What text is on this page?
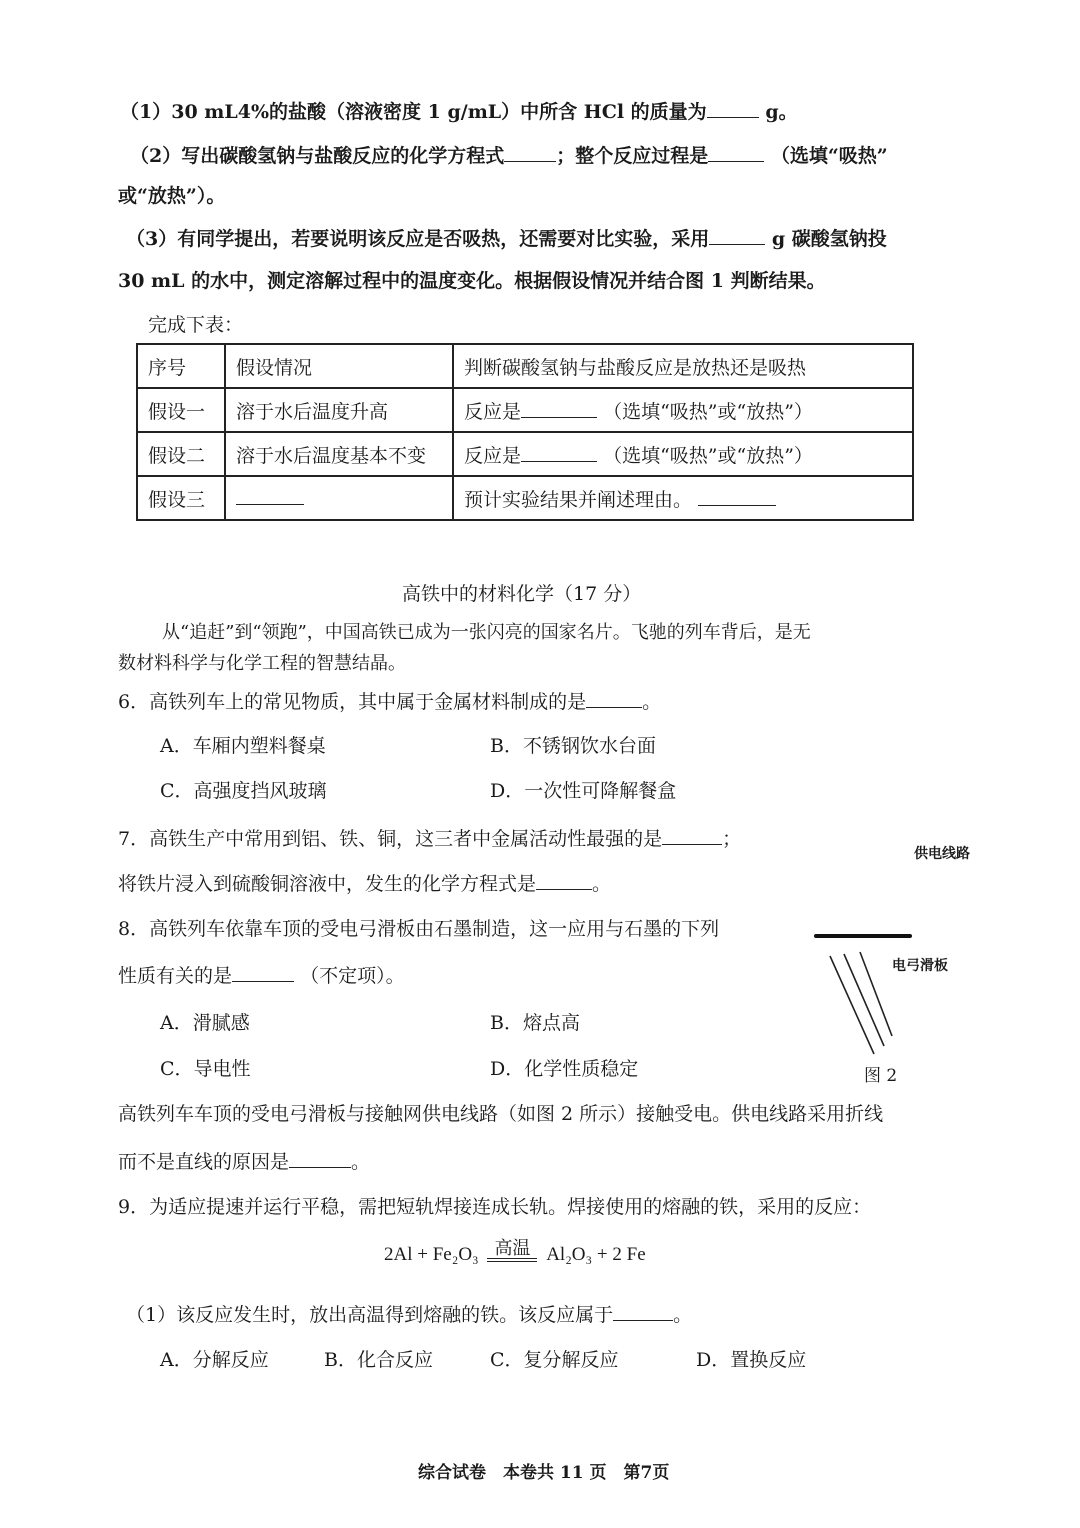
（1）30 mL4%的盐酸（溶液密度 1 g/mL）中所含 HCl 的质量为	g。
（2）写出碳酸氢钠与盐酸反应的化学方程式	；整个反应过程是	（选填“吸热”
或“放热”）。
（3）有同学提出，若要说明该反应是否吸热，还需要对比实验，采用	g 碳酸氢钠投
30 mL 的水中，测定溶解过程中的温度变化。根据假设情况并结合图 1 判断结果。
完成下表：
序号	假设情况	判断碳酸氢钠与盐酸反应是放热还是吸热
假设一	溶于水后温度升高	反应是 （选填“吸热”或“放热”）
假设二	溶于水后温度基本不变	反应是 （选填“吸热”或“放热”）
假设三		预计实验结果并阐述理由。
高铁中的材料化学（17 分）
从“追赶”到“领跑”，中国高铁已成为一张闪亮的国家名片。飞驰的列车背后，是无
数材料科学与化学工程的智慧结晶。
6．高铁列车上的常见物质，其中属于金属材料制成的是	。
A．车厢内塑料餐桌	B．不锈钢饮水台面
C．高强度挡风玻璃	D．一次性可降解餐盒
7．高铁生产中常用到铝、铁、铜，这三者中金属活动性最强的是	；
将铁片浸入到硫酸铜溶液中，发生的化学方程式是	。
8．高铁列车依靠车顶的受电弓滑板由石墨制造，这一应用与石墨的下列
性质有关的是	（不定项）。
A．滑腻感	B．熔点高
C．导电性	D．化学性质稳定
供电线路
电弓滑板
图 2
高铁列车车顶的受电弓滑板与接触网供电线路（如图 2 所示）接触受电。供电线路采用折线
而不是直线的原因是	。
9．为适应提速并运行平稳，需把短轨焊接连成长轨。焊接使用的熔融的铁，采用的反应：
2Al + Fe₂O₃ 高温 Al₂O₃ + 2 Fe
（1）该反应发生时，放出高温得到熔融的铁。该反应属于	。
A．分解反应	B．化合反应	C．复分解反应	D．置换反应
综合试卷　本卷共 11 页　第7页
